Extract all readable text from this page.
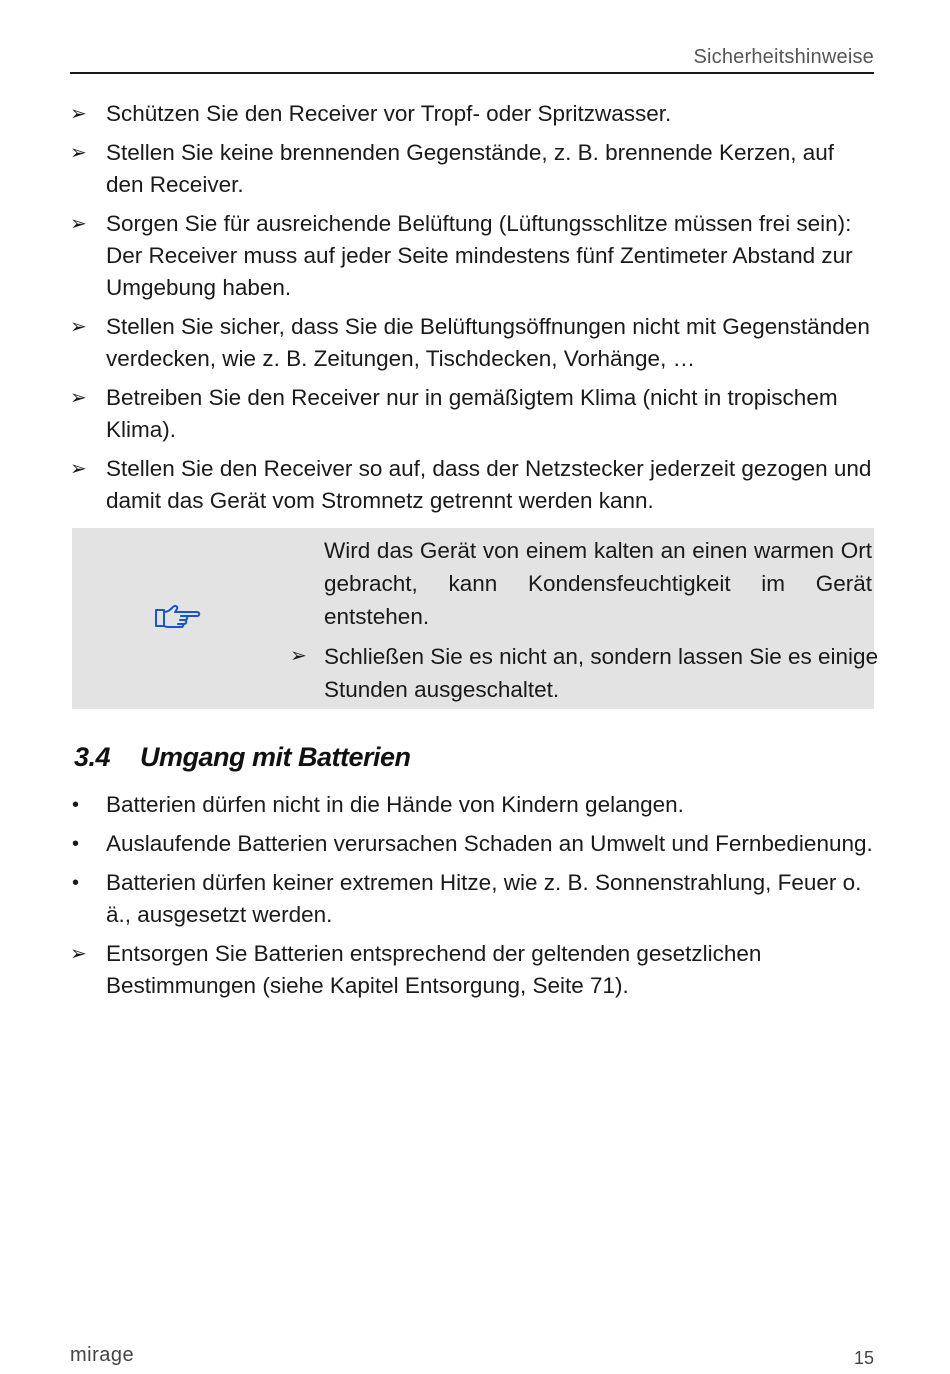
Sicherheitshinweise
➢ Schützen Sie den Receiver vor Tropf- oder Spritzwasser.
➢ Stellen Sie keine brennenden Gegenstände, z. B. brennende Kerzen, auf den Receiver.
➢ Sorgen Sie für ausreichende Belüftung (Lüftungsschlitze müssen frei sein): Der Receiver muss auf jeder Seite mindestens fünf Zentimeter Abstand zur Umgebung haben.
➢ Stellen Sie sicher, dass Sie die Belüftungsöffnungen nicht mit Gegenständen verdecken, wie z. B. Zeitungen, Tischdecken, Vorhänge, …
➢ Betreiben Sie den Receiver nur in gemäßigtem Klima (nicht in tropischem Klima).
➢ Stellen Sie den Receiver so auf, dass der Netzstecker jederzeit gezogen und damit das Gerät vom Stromnetz getrennt werden kann.
Wird das Gerät von einem kalten an einen warmen Ort gebracht, kann Kondensfeuchtigkeit im Gerät entstehen.
➢ Schließen Sie es nicht an, sondern lassen Sie es einige Stunden ausgeschaltet.
3.4 Umgang mit Batterien
•	Batterien dürfen nicht in die Hände von Kindern gelangen.
•	Auslaufende Batterien verursachen Schaden an Umwelt und Fernbedienung.
•	Batterien dürfen keiner extremen Hitze, wie z. B. Sonnenstrahlung, Feuer o. ä., ausgesetzt werden.
➢ Entsorgen Sie Batterien entsprechend der geltenden gesetzlichen Bestimmungen (siehe Kapitel Entsorgung, Seite 71).
mirage	15
